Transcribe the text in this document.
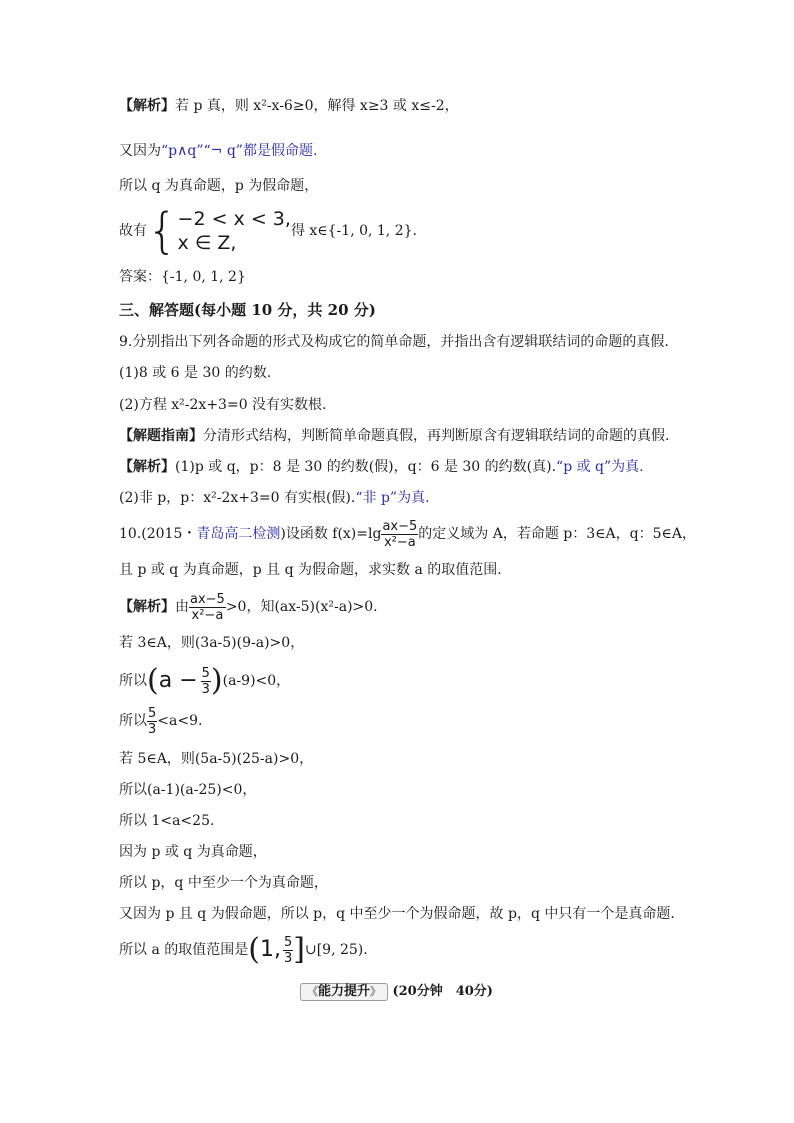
【解析】若 p 真，则 x²-x-6≥0，解得 x≥3 或 x≤-2，
又因为“p∧q”“¬ q”都是假命题.
所以 q 为真命题，p 为假命题，
故有{ −2 < x < 3,
x ∈ Z,
得 x∈{-1, 0, 1, 2}.
答案：{-1, 0, 1, 2}
三、解答题(每小题 10 分，共 20 分)
9.分别指出下列各命题的形式及构成它的简单命题，并指出含有逻辑联结词的命题的真假.
(1)8 或 6 是 30 的约数.
(2)方程 x²-2x+3=0 没有实数根.
【解题指南】分清形式结构，判断简单命题真假，再判断原含有逻辑联结词的命题的真假.
【解析】(1)p 或 q，p：8 是 30 的约数(假)，q：6 是 30 的约数(真).“p 或 q”为真.
(2)非 p，p：x²-2x+3=0 有实根(假).“非 p”为真.
10.(2015・青岛高二检测)设函数 $f(x)=\lg \frac{ax-5}{\text{x²−a}}$ 的定义域为 A，若命题 p：3∈A，q：5∈A，
且 p 或 q 为真命题，p 且 q 为假命题，求实数 a 的取值范围.
【解析】由 $\frac{ax-5}{\text{x²−a}} >0$，知(ax-5)(x²-a)>0.
若 3∈A，则(3a-5)(9-a)>0，
所以$(a - \frac{5}{3} )(a-9)<0$，
所以 $\frac{5}{3} <a<9$.
若 5∈A，则(5a-5)(25-a)>0，
所以(a-1)(a-25)<0，
所以 1<a<25.
因为 p 或 q 为真命题，
所以 p，q 中至少一个为真命题，
又因为 p 且 q 为假命题，所以 p，q 中至少一个为假命题，故 p，q 中只有一个是真命题.
所以 a 的取值范围是(1, $\frac{5}{3}$ ]∪[9, 25).
《能力提升》 (20分钟　40分)
